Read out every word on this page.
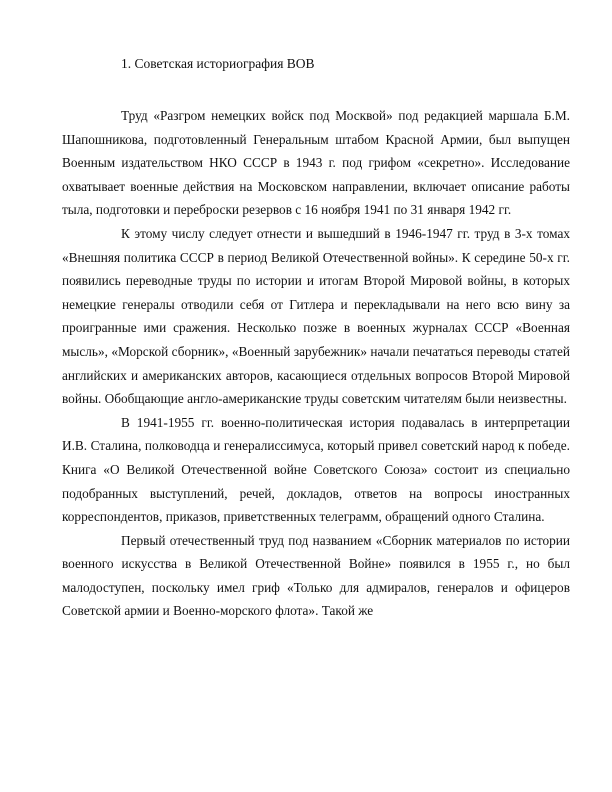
1. Советская историография ВОВ

Труд «Разгром немецких войск под Москвой» под редакцией маршала Б.М. Шапошникова, подготовленный Генеральным штабом Красной Армии, был выпущен Военным издательством НКО СССР в 1943 г. под грифом «секретно». Исследование охватывает военные действия на Московском направлении, включает описание работы тыла, подготовки и переброски резервов с 16 ноября 1941 по 31 января 1942 гг.

К этому числу следует отнести и вышедший в 1946-1947 гг. труд в 3-х томах «Внешняя политика СССР в период Великой Отечественной войны». К середине 50-х гг. появились переводные труды по истории и итогам Второй Мировой войны, в которых немецкие генералы отводили себя от Гитлера и перекладывали на него всю вину за проигранные ими сражения. Несколько позже в военных журналах СССР «Военная мысль», «Морской сборник», «Военный зарубежник» начали печататься переводы статей английских и американских авторов, касающиеся отдельных вопросов Второй Мировой войны. Обобщающие англо-американские труды советским читателям были неизвестны.

В 1941-1955 гг. военно-политическая история подавалась в интерпретации И.В. Сталина, полководца и генералиссимуса, который привел советский народ к победе. Книга «О Великой Отечественной войне Советского Союза» состоит из специально подобранных выступлений, речей, докладов, ответов на вопросы иностранных корреспондентов, приказов, приветственных телеграмм, обращений одного Сталина.

Первый отечественный труд под названием «Сборник материалов по истории военного искусства в Великой Отечественной Войне» появился в 1955 г., но был малодоступен, поскольку имел гриф «Только для адмиралов, генералов и офицеров Советской армии и Военно-морского флота». Такой же
